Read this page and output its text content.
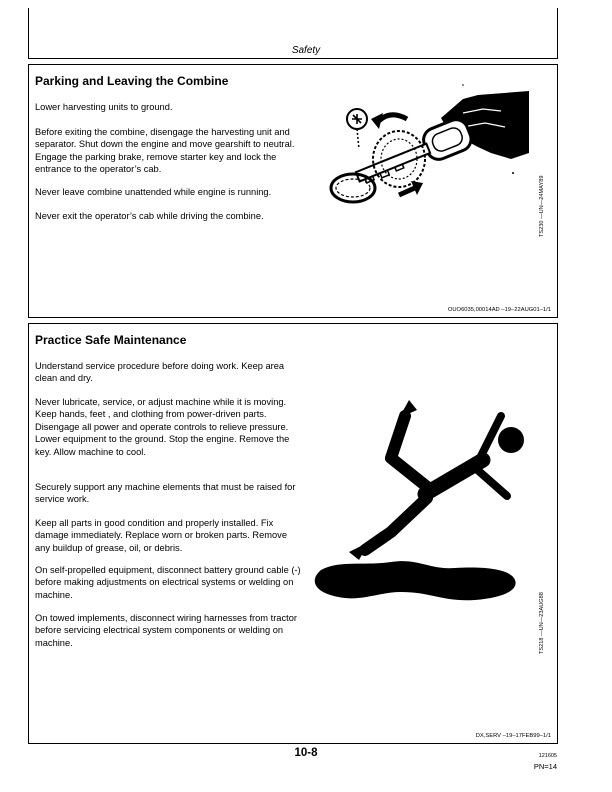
Safety
Parking and Leaving the Combine
Lower harvesting units to ground.
Before exiting the combine, disengage the harvesting unit and separator. Shut down the engine and move gearshift to neutral. Engage the parking brake, remove starter key and lock the entrance to the operator’s cab.
Never leave combine unattended while engine is running.
Never exit the operator’s cab while driving the combine.	TS230 —UN—24MAY89
OUO6035,00014AD –19–22AUG01–1/1
Practice Safe Maintenance
Understand service procedure before doing work. Keep area clean and dry.
Never lubricate, service, or adjust machine while it is moving. Keep hands, feet , and clothing from power-driven parts. Disengage all power and operate controls to relieve pressure. Lower equipment to the ground. Stop the engine. Remove the key. Allow machine to cool.
Securely support any machine elements that must be raised for service work.
Keep all parts in good condition and properly installed. Fix damage immediately. Replace worn or broken parts. Remove any buildup of grease, oil, or debris.
On self-propelled equipment, disconnect battery ground cable (-) before making adjustments on electrical systems or welding on machine.
On towed implements, disconnect wiring harnesses from tractor before servicing electrical system components or welding on machine.	TS218 —UN—23AUG88
DX,SERV –19–17FEB99–1/1
10-8	121605
PN=14
